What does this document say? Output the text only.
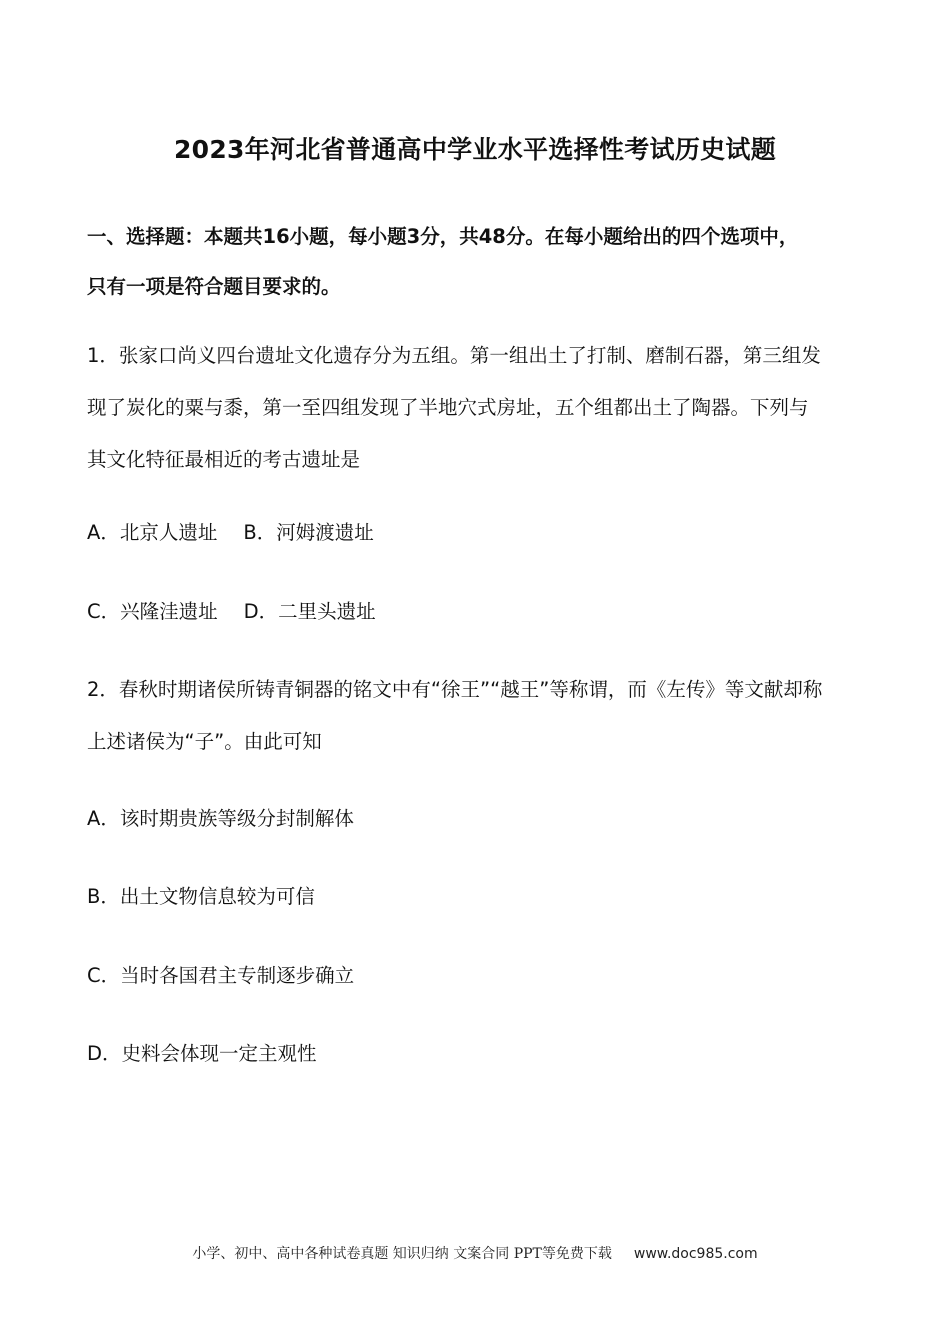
2023年河北省普通高中学业水平选择性考试历史试题
一、选择题：本题共16小题，每小题3分，共48分。在每小题给出的四个选项中，
只有一项是符合题目要求的。
1．张家口尚义四台遗址文化遗存分为五组。第一组出土了打制、磨制石器，第三组发
现了炭化的粟与黍，第一至四组发现了半地穴式房址，五个组都出土了陶器。下列与
其文化特征最相近的考古遗址是
A．北京人遗址 B．河姆渡遗址
C．兴隆洼遗址 D．二里头遗址
2．春秋时期诸侯所铸青铜器的铭文中有“徐王”“越王”等称谓，而《左传》等文献却称
上述诸侯为“子”。由此可知
A．该时期贵族等级分封制解体
B．出土文物信息较为可信
C．当时各国君主专制逐步确立
D．史料会体现一定主观性
小学、初中、高中各种试卷真题 知识归纳 文案合同 PPT等免费下载 www.doc985.com
